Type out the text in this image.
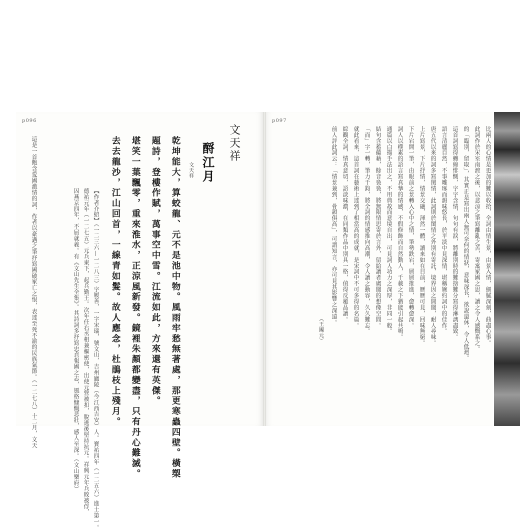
p096	p097
比兩人的心情是更加的難以收拾，全詞由情生景，由景入情，細膩深刻，曲盡心事。
此詞作於宋室南渡之後，以悲涼之筆寫離亂之苦，寄寓家國之思，讀之令人感慨系之。
的「臨別，留取」，其實正是寫出兩人無可奈何的情狀，意味深長，欲說還休，令人低迴。
這首詞寫得纏綿悱惻，字字含情，句句有淚，將離別時的難捨難分寫得淋漓盡致。
語言清麗自然，不事雕琢而韻味悠長，於平淡中見深情，堪稱婉約詞中的佳作。
唐五代以來的詞多寫閨情，此詞則於閨情之外別有寄託，境界因之開闊，耐人尋味。
上片寫景，下片抒情，情景交融，渾然一體，讀來如在目前，歷歷可見，回味無窮。
下片宕開一筆，由眼前之景轉入心中之情，筆勢跌宕，層層推進，愈轉愈深。
詞人以樸素的語言寫真摯的情感，不假修飾而自然動人，千載之下猶能引起共鳴。
通篇以白描手法出之，不用典故而意境自出，可見詞人功力之深厚，非同一般。
結句含蓄蘊藉，餘音裊裊，將無限情思寄於言外，留給讀者廣闊的想像空間。
「而」字一轉，筆力千鈞，將全詞的情感推向高潮，令人讀之動容，久久難忘。
就此看來，這首詞在藝術上達到了相當高的成就，是宋詞中不可多得的名篇。
綜觀全詞，情真意切，語淡味濃，在同類作品中別具一格，值得反覆品讀。
前人評此詞云：「情景兼到，骨韻俱高」，可謂知言，亦可見其影響之深遠。
（王國元）
文天祥
酹江月
文天祥
乾坤能大，算蛟龍、元不是池中物。風雨牢愁無著處，那更寒蟲四壁。橫槊
題詩，登樓作賦，萬事空中雪。江流如此，方來還有英傑。
堪笑一葉飄零，重來淮水，正涼風新發。鏡裡朱顏都變盡，只有丹心難滅。
去去龍沙，江山回首，一線青如髮。故人應念，杜鵑枝上殘月。
【作者介紹】（一二三六—一二八三）字履善，一字宋瑞，號文山，吉州廬陵（今江西吉安）人。寶祐四年（一二五六）進士第一。
德祐元年（一二七五）元兵東下，起兵勤王。次年任右丞相兼樞密使，出使元營被扣，脫逃後堅持抗元。祥興元年兵敗被俘，
囚燕京四年，不屈就義。有《文山先生全集》。其詩詞多抒寫忠貞報國之志，風格慷慨悲壯，感人至深。（文山樂府）
這是一首飽含愛國激情的詞，作者以豪邁之筆抒寫國破家亡之恨，表達至死不渝的民族氣節。（一二七八）十二月，文天
